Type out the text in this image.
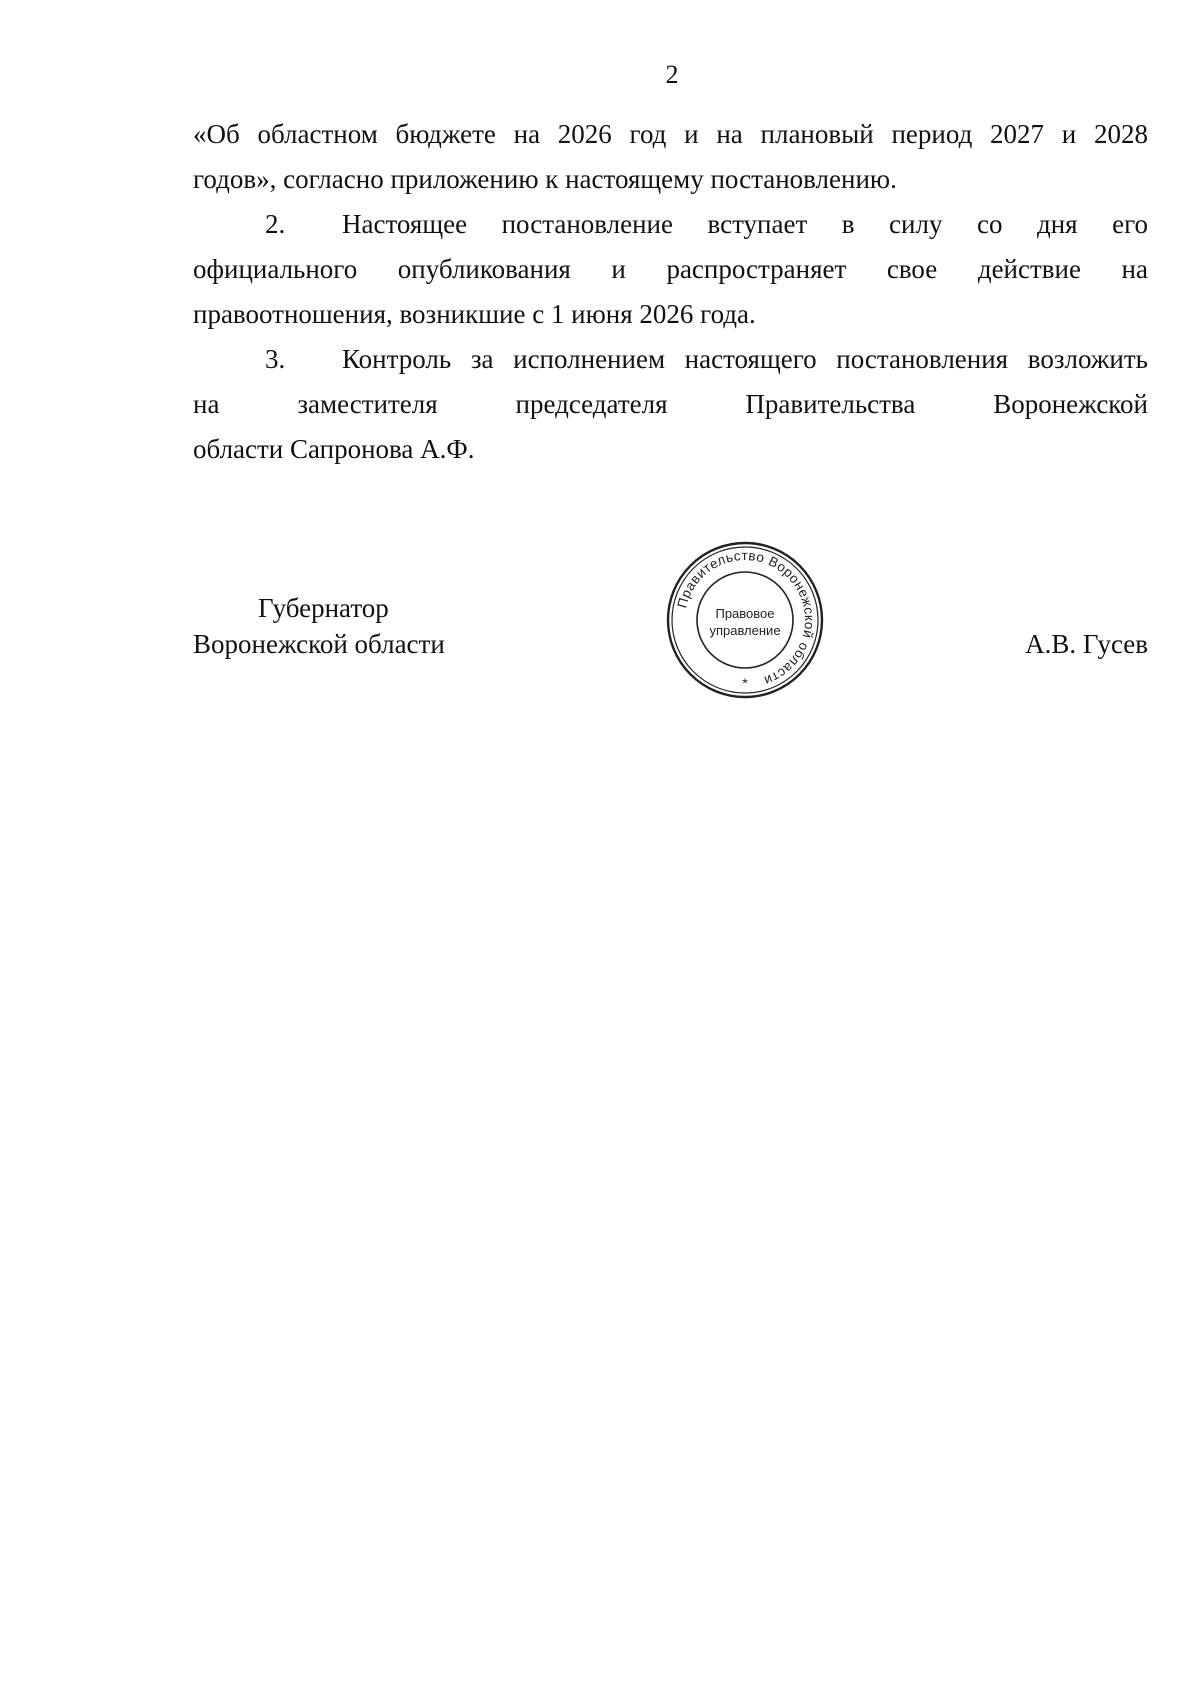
2
«Об областном бюджете на 2026 год и на плановый период 2027 и 2028
годов», согласно приложению к настоящему постановлению.
2. Настоящее постановление вступает в силу со дня его
официального опубликования и распространяет свое действие на
правоотношения, возникшие с 1 июня 2026 года.
3. Контроль за исполнением настоящего постановления возложить
на заместителя председателя Правительства Воронежской
области Сапронова А.Ф.
Губернатор
Воронежской области	А.В. Гусев
Правительство Воронежской области
Правовое
управление
*
